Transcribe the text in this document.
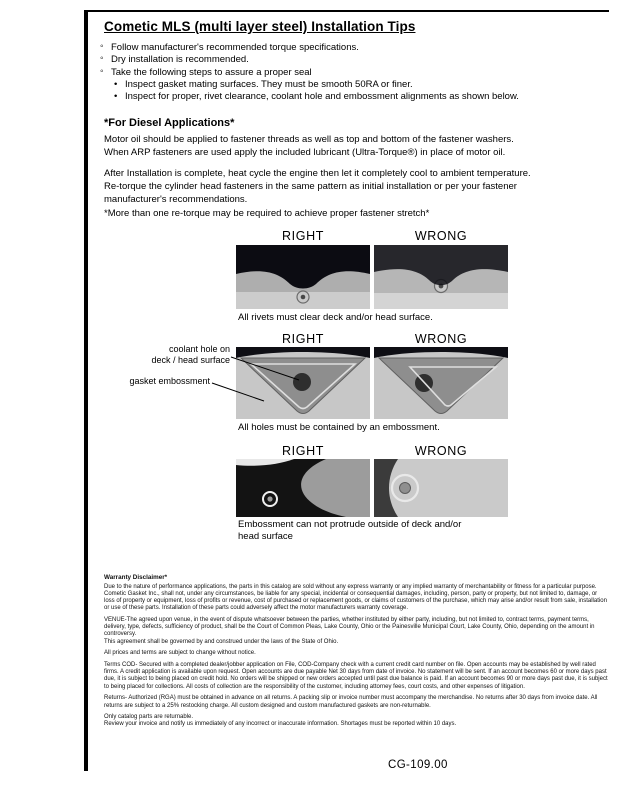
Cometic MLS (multi layer steel) Installation Tips
◦ Follow manufacturer's recommended torque specifications.
◦ Dry installation is recommended.
◦ Take the following steps to assure a proper seal
• Inspect gasket mating surfaces. They must be smooth 50RA or finer.
• Inspect for proper, rivet clearance, coolant hole and embossment alignments as shown below.
*For Diesel Applications*
Motor oil should be applied to fastener threads as well as top and bottom of the fastener washers. When ARP fasteners are used apply the included lubricant (Ultra-Torque®) in place of motor oil.
After Installation is complete, heat cycle the engine then let it completely cool to ambient temperature. Re-torque the cylinder head fasteners in the same pattern as initial installation or per your fastener manufacturer's recommendations.
*More than one re-torque may be required to achieve proper fastener stretch*
RIGHT	WRONG
All rivets must clear deck and/or head surface.
RIGHT	WRONG
All holes must be contained by an embossment.
coolant hole on
deck / head surface
gasket embossment
RIGHT	WRONG
Embossment can not protrude outside of deck and/or head surface
Warranty Disclaimer*

Due to the nature of performance applications, the parts in this catalog are sold without any express warranty or any implied warranty of merchantability or fitness for a particular purpose. Cometic Gasket Inc., shall not, under any circumstances, be liable for any special, incidental or consequential damages, including, person, party or property, but not limited to, damage, or loss of property or equipment, loss of profits or revenue, cost of purchased or replacement goods, or claims of customers of the purchase, which may arise and/or result from sale, installation or use of these parts. Installation of these parts could adversely affect the motor manufacturers warranty coverage.

VENUE-The agreed upon venue, in the event of dispute whatsoever between the parties, whether instituted by either party, including, but not limited to, contract terms, payment terms, delivery, type, defects, sufficiency of product, shall be the Court of Common Pleas, Lake County, Ohio or the Painesville Municipal Court, Lake County, Ohio, depending on the amount in controversy.

This agreement shall be governed by and construed under the laws of the State of Ohio.

All prices and terms are subject to change without notice.

Terms COD- Secured with a completed dealer/jobber application on File, COD-Company check with a current credit card number on file. Open accounts may be established by well rated firms. A credit application is available upon request. Open accounts are due payable Net 30 days from date of invoice. No statement will be sent. If an account becomes 60 or more days past due, it is subject to being placed on credit hold. No orders will be shipped or new orders accepted until past due balance is paid. If an account becomes 90 or more days past due, it is subject to being placed for collections. All costs of collection are the responsibility of the customer, including attorney fees, court costs, and other expenses of litigation.

Returns- Authorized (RGA) must be obtained in advance on all returns. A packing slip or invoice number must accompany the merchandise. No returns after 30 days from invoice date. All returns are subject to a 25% restocking charge. All custom designed and custom manufactured gaskets are non-returnable.

Only catalog parts are returnable.

Review your invoice and notify us immediately of any incorrect or inaccurate information. Shortages must be reported within 10 days.

CG-109.00
